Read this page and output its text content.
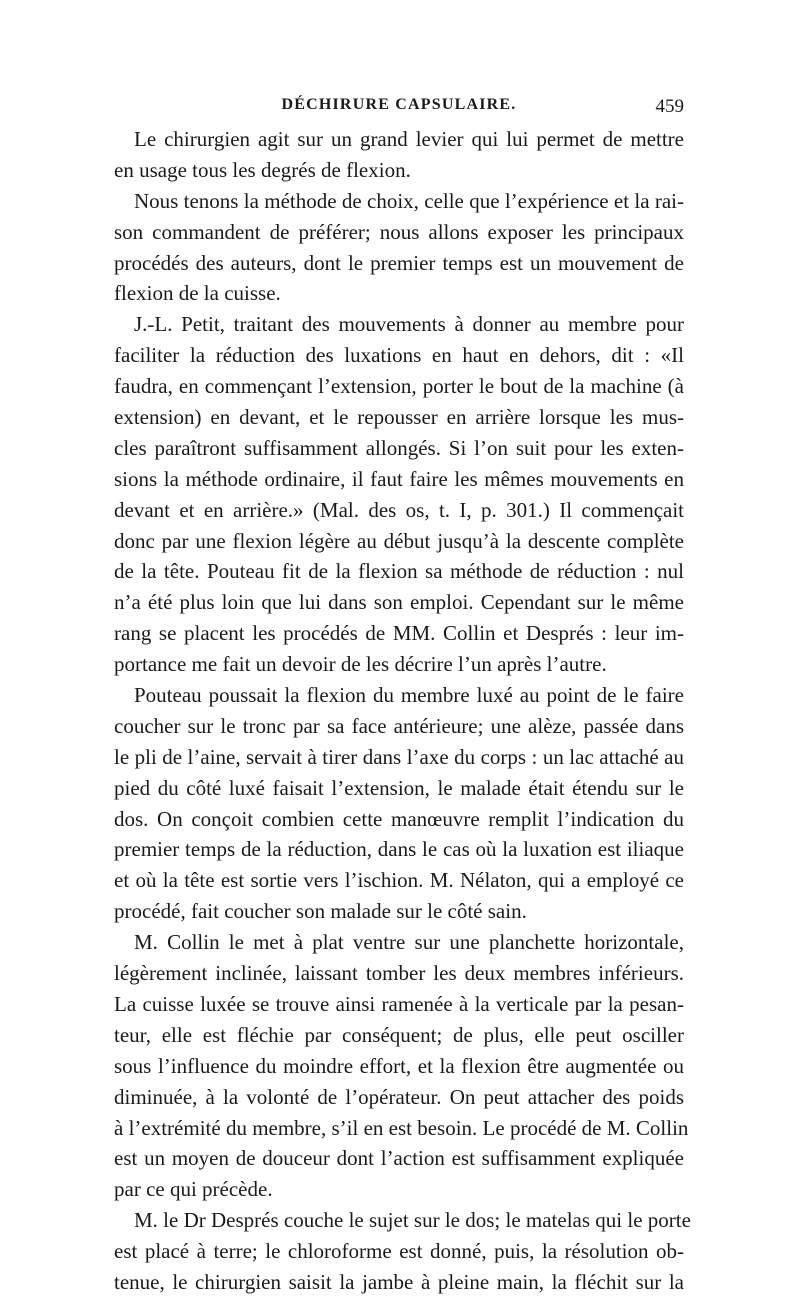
DÉCHIRURE CAPSULAIRE.	459
Le chirurgien agit sur un grand levier qui lui permet de mettre
en usage tous les degrés de flexion.
Nous tenons la méthode de choix, celle que l’expérience et la rai-
son commandent de préférer; nous allons exposer les principaux
procédés des auteurs, dont le premier temps est un mouvement de
flexion de la cuisse.
J.-L. Petit, traitant des mouvements à donner au membre pour
faciliter la réduction des luxations en haut en dehors, dit : «Il
faudra, en commençant l’extension, porter le bout de la machine (à
extension) en devant, et le repousser en arrière lorsque les mus-
cles paraîtront suffisamment allongés. Si l’on suit pour les exten-
sions la méthode ordinaire, il faut faire les mêmes mouvements en
devant et en arrière.» (Mal. des os, t. I, p. 301.) Il commençait
donc par une flexion légère au début jusqu’à la descente complète
de la tête. Pouteau fit de la flexion sa méthode de réduction : nul
n’a été plus loin que lui dans son emploi. Cependant sur le même
rang se placent les procédés de MM. Collin et Després : leur im-
portance me fait un devoir de les décrire l’un après l’autre.
Pouteau poussait la flexion du membre luxé au point de le faire
coucher sur le tronc par sa face antérieure; une alèze, passée dans
le pli de l’aine, servait à tirer dans l’axe du corps : un lac attaché au
pied du côté luxé faisait l’extension, le malade était étendu sur le
dos. On conçoit combien cette manœuvre remplit l’indication du
premier temps de la réduction, dans le cas où la luxation est iliaque
et où la tête est sortie vers l’ischion. M. Nélaton, qui a employé ce
procédé, fait coucher son malade sur le côté sain.
M. Collin le met à plat ventre sur une planchette horizontale,
légèrement inclinée, laissant tomber les deux membres inférieurs.
La cuisse luxée se trouve ainsi ramenée à la verticale par la pesan-
teur, elle est fléchie par conséquent; de plus, elle peut osciller
sous l’influence du moindre effort, et la flexion être augmentée ou
diminuée, à la volonté de l’opérateur. On peut attacher des poids
à l’extrémité du membre, s’il en est besoin. Le procédé de M. Collin
est un moyen de douceur dont l’action est suffisamment expliquée
par ce qui précède.
M. le Dr Després couche le sujet sur le dos; le matelas qui le porte
est placé à terre; le chloroforme est donné, puis, la résolution ob-
tenue, le chirurgien saisit la jambe à pleine main, la fléchit sur la
